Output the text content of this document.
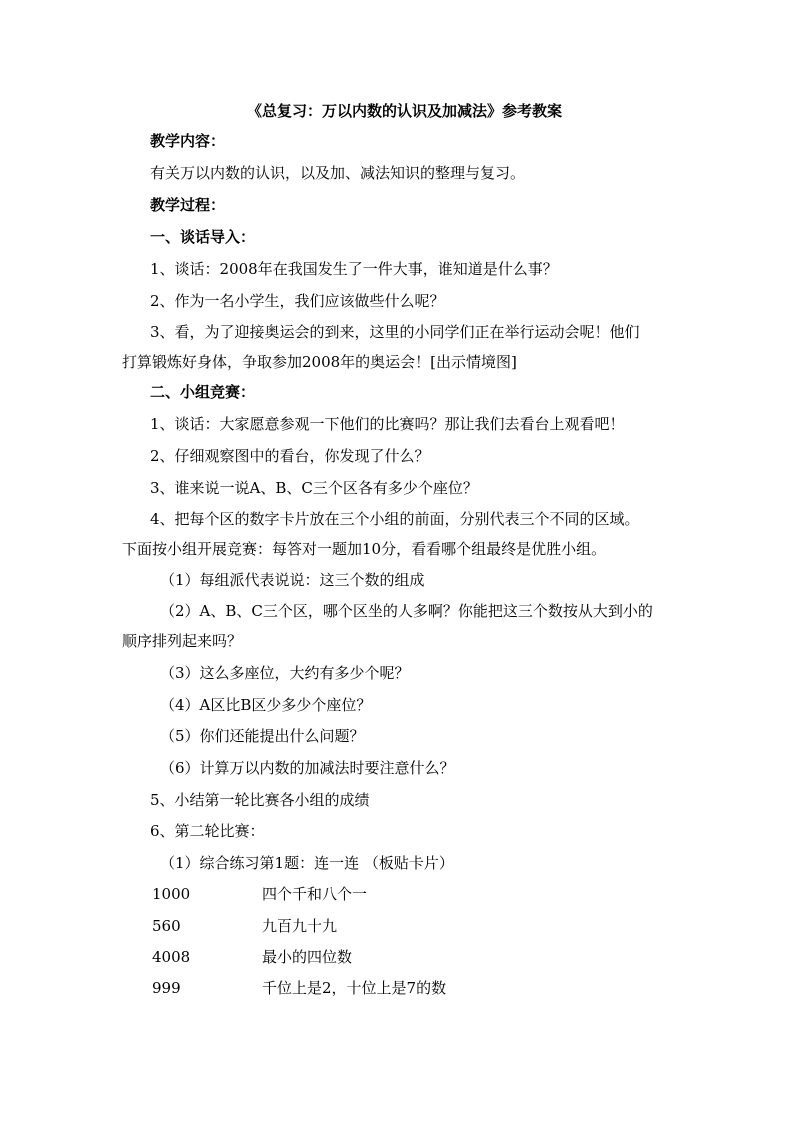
《总复习：万以内数的认识及加减法》参考教案
教学内容：
有关万以内数的认识，以及加、减法知识的整理与复习。
教学过程：
一、谈话导入：
1、谈话：2008年在我国发生了一件大事，谁知道是什么事？
2、作为一名小学生，我们应该做些什么呢？
3、看，为了迎接奥运会的到来，这里的小同学们正在举行运动会呢！他们
打算锻炼好身体，争取参加2008年的奥运会！[出示情境图]
二、小组竞赛：
1、谈话：大家愿意参观一下他们的比赛吗？那让我们去看台上观看吧！
2、仔细观察图中的看台，你发现了什么？
3、谁来说一说A、B、C三个区各有多少个座位？
4、把每个区的数字卡片放在三个小组的前面，分别代表三个不同的区域。
下面按小组开展竞赛：每答对一题加10分，看看哪个组最终是优胜小组。
（1）每组派代表说说：这三个数的组成
（2）A、B、C三个区，哪个区坐的人多啊？你能把这三个数按从大到小的
顺序排列起来吗？
（3）这么多座位，大约有多少个呢？
（4）A区比B区少多少个座位？
（5）你们还能提出什么问题？
（6）计算万以内数的加减法时要注意什么？
5、小结第一轮比赛各小组的成绩
6、第二轮比赛：
（1）综合练习第1题：连一连 （板贴卡片）
1000	四个千和八个一
560	九百九十九
4008	最小的四位数
999	千位上是2，十位上是7的数
